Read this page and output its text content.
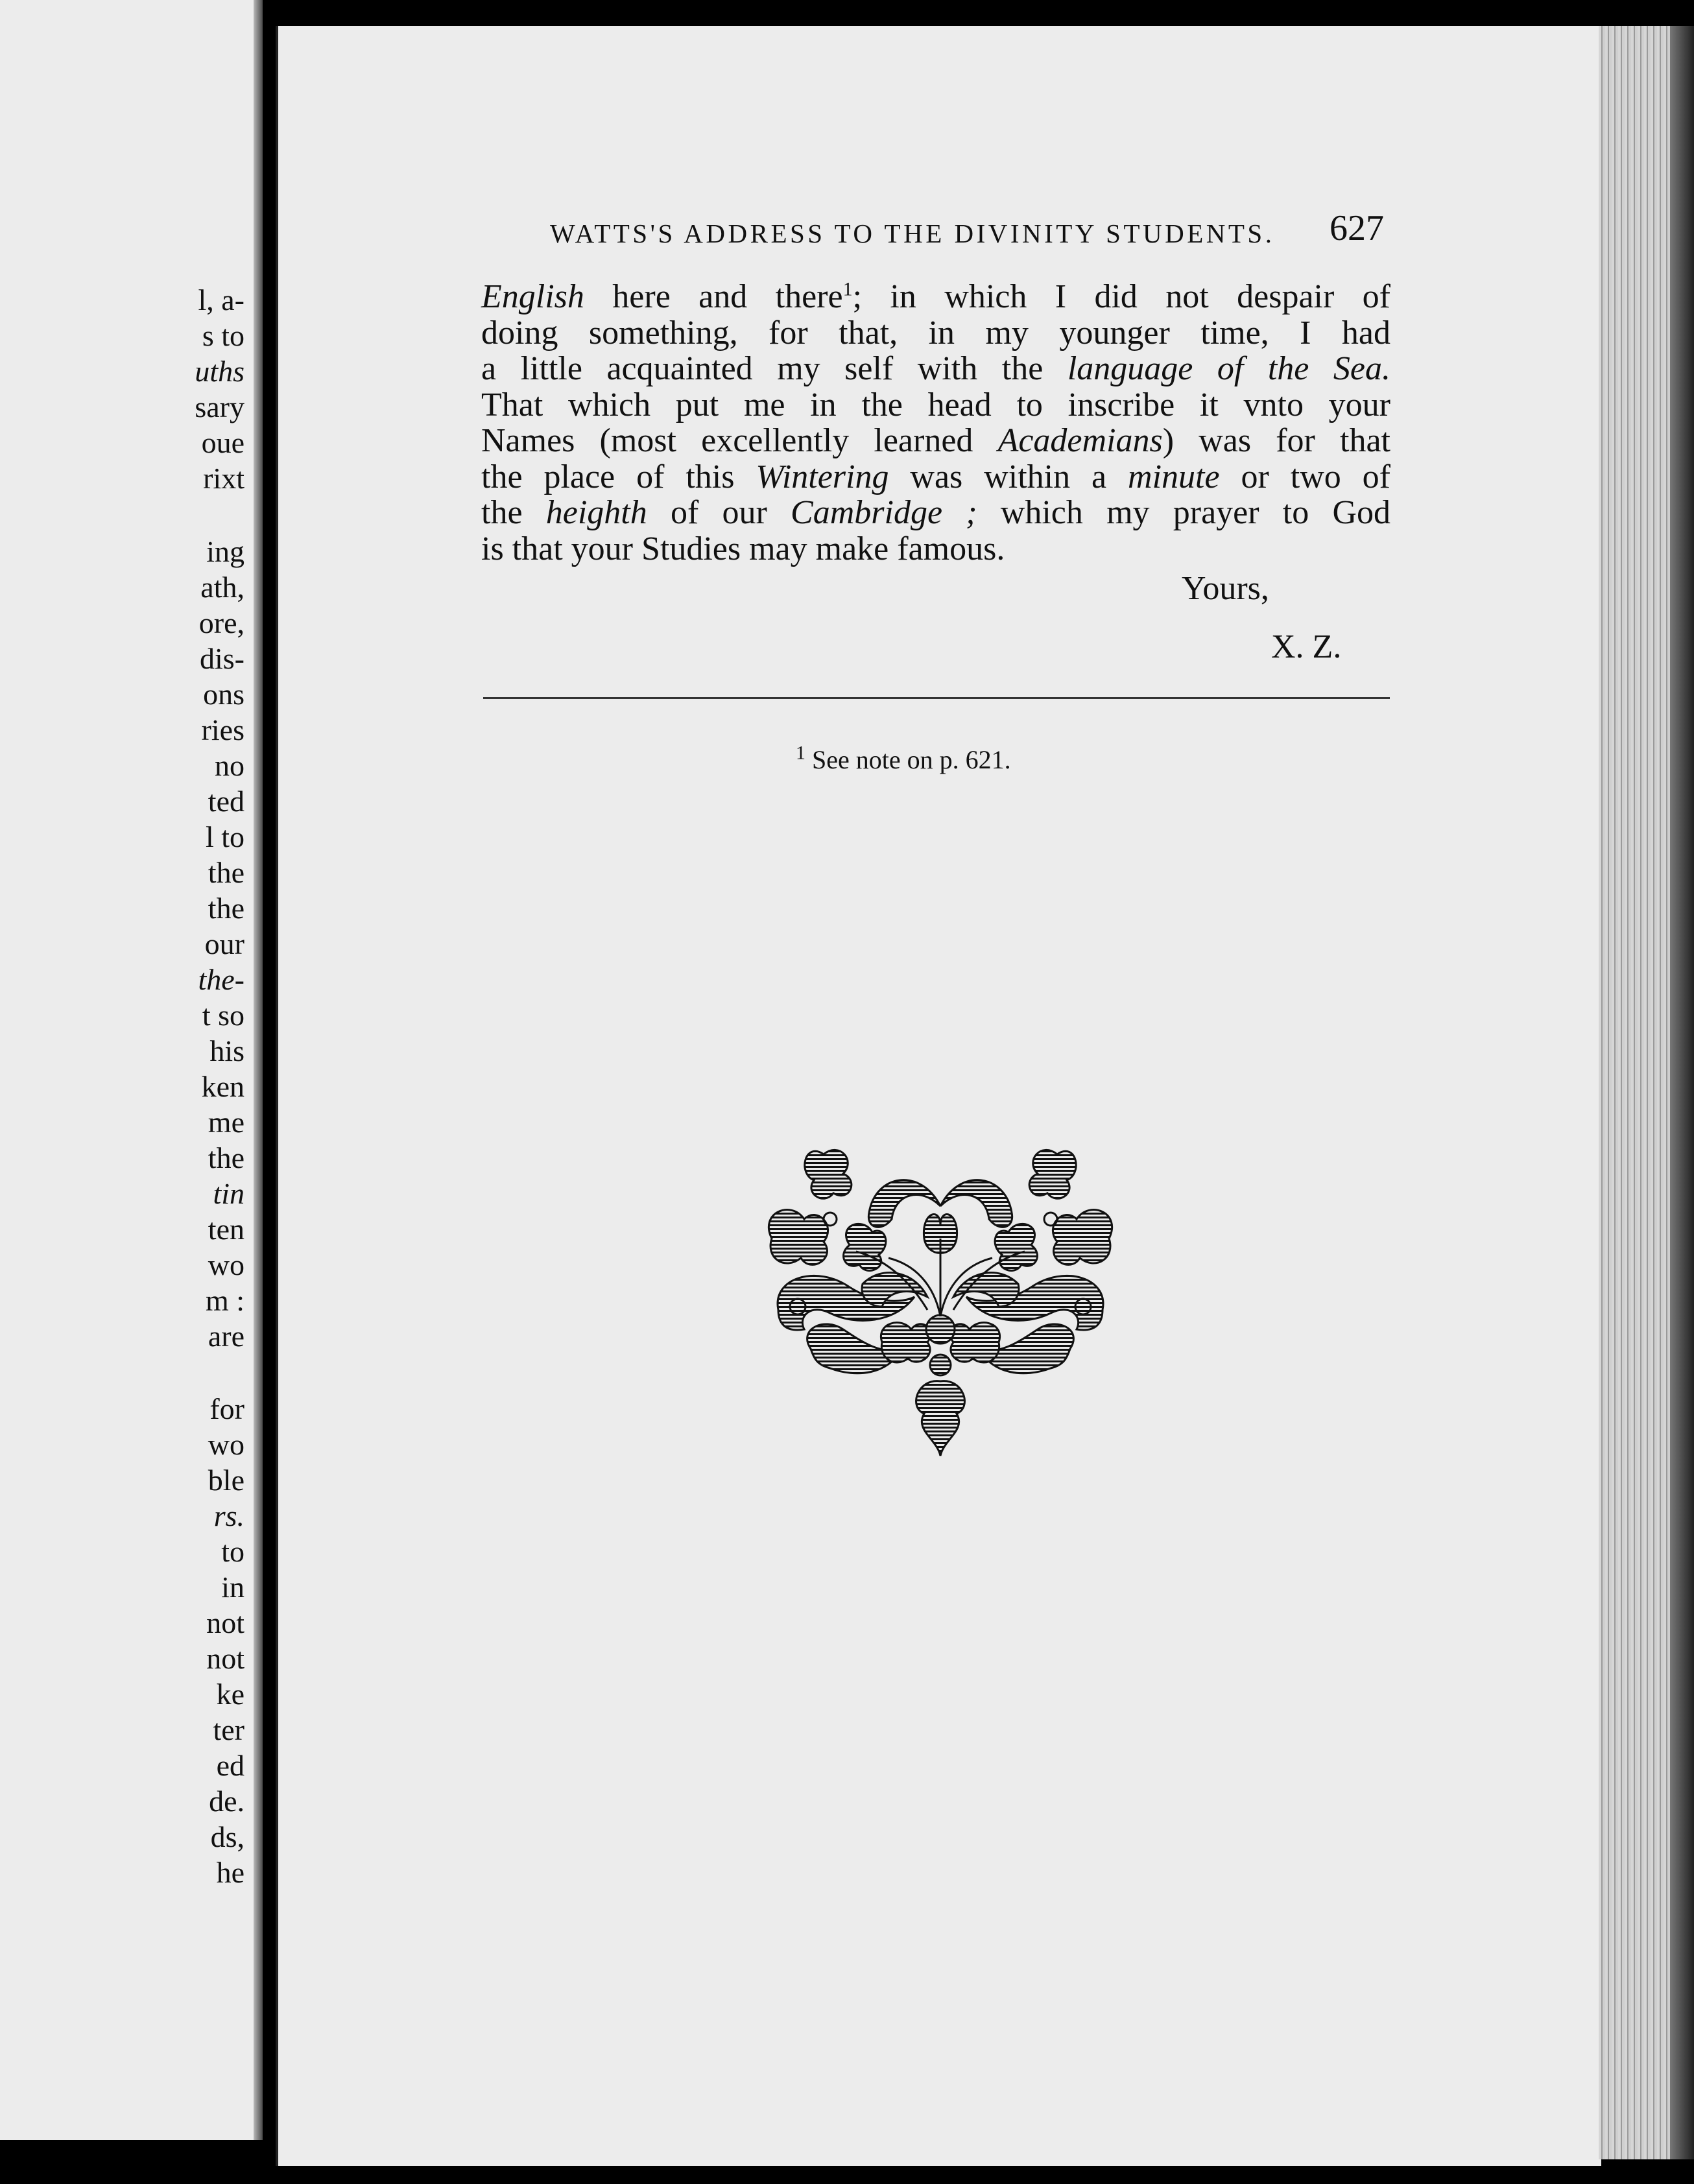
l, a-
s to
uths
sary
oue
rixt
ing
ath,
ore,
dis-
ons
ries
no
ted
l to
the
the
our
the-
t so
his
ken
me
the
tin
ten
wo
m :
are
for
wo
ble
rs.
to
in
not
not
ke
ter
ed
de.
ds,
he
WATTS'S ADDRESS TO THE DIVINITY STUDENTS. 627
English here and there$^1$; in which I did not despair of
doing something, for that, in my younger time, I had
a little acquainted my self with the language of the Sea.
That which put me in the head to inscribe it vnto your
Names (most excellently learned Academians) was for that
the place of this Wintering was within a minute or two of
the heighth of our Cambridge ; which my prayer to God
is that your Studies may make famous.
Yours,
X. Z.
$^1$ See note on p. 621.
